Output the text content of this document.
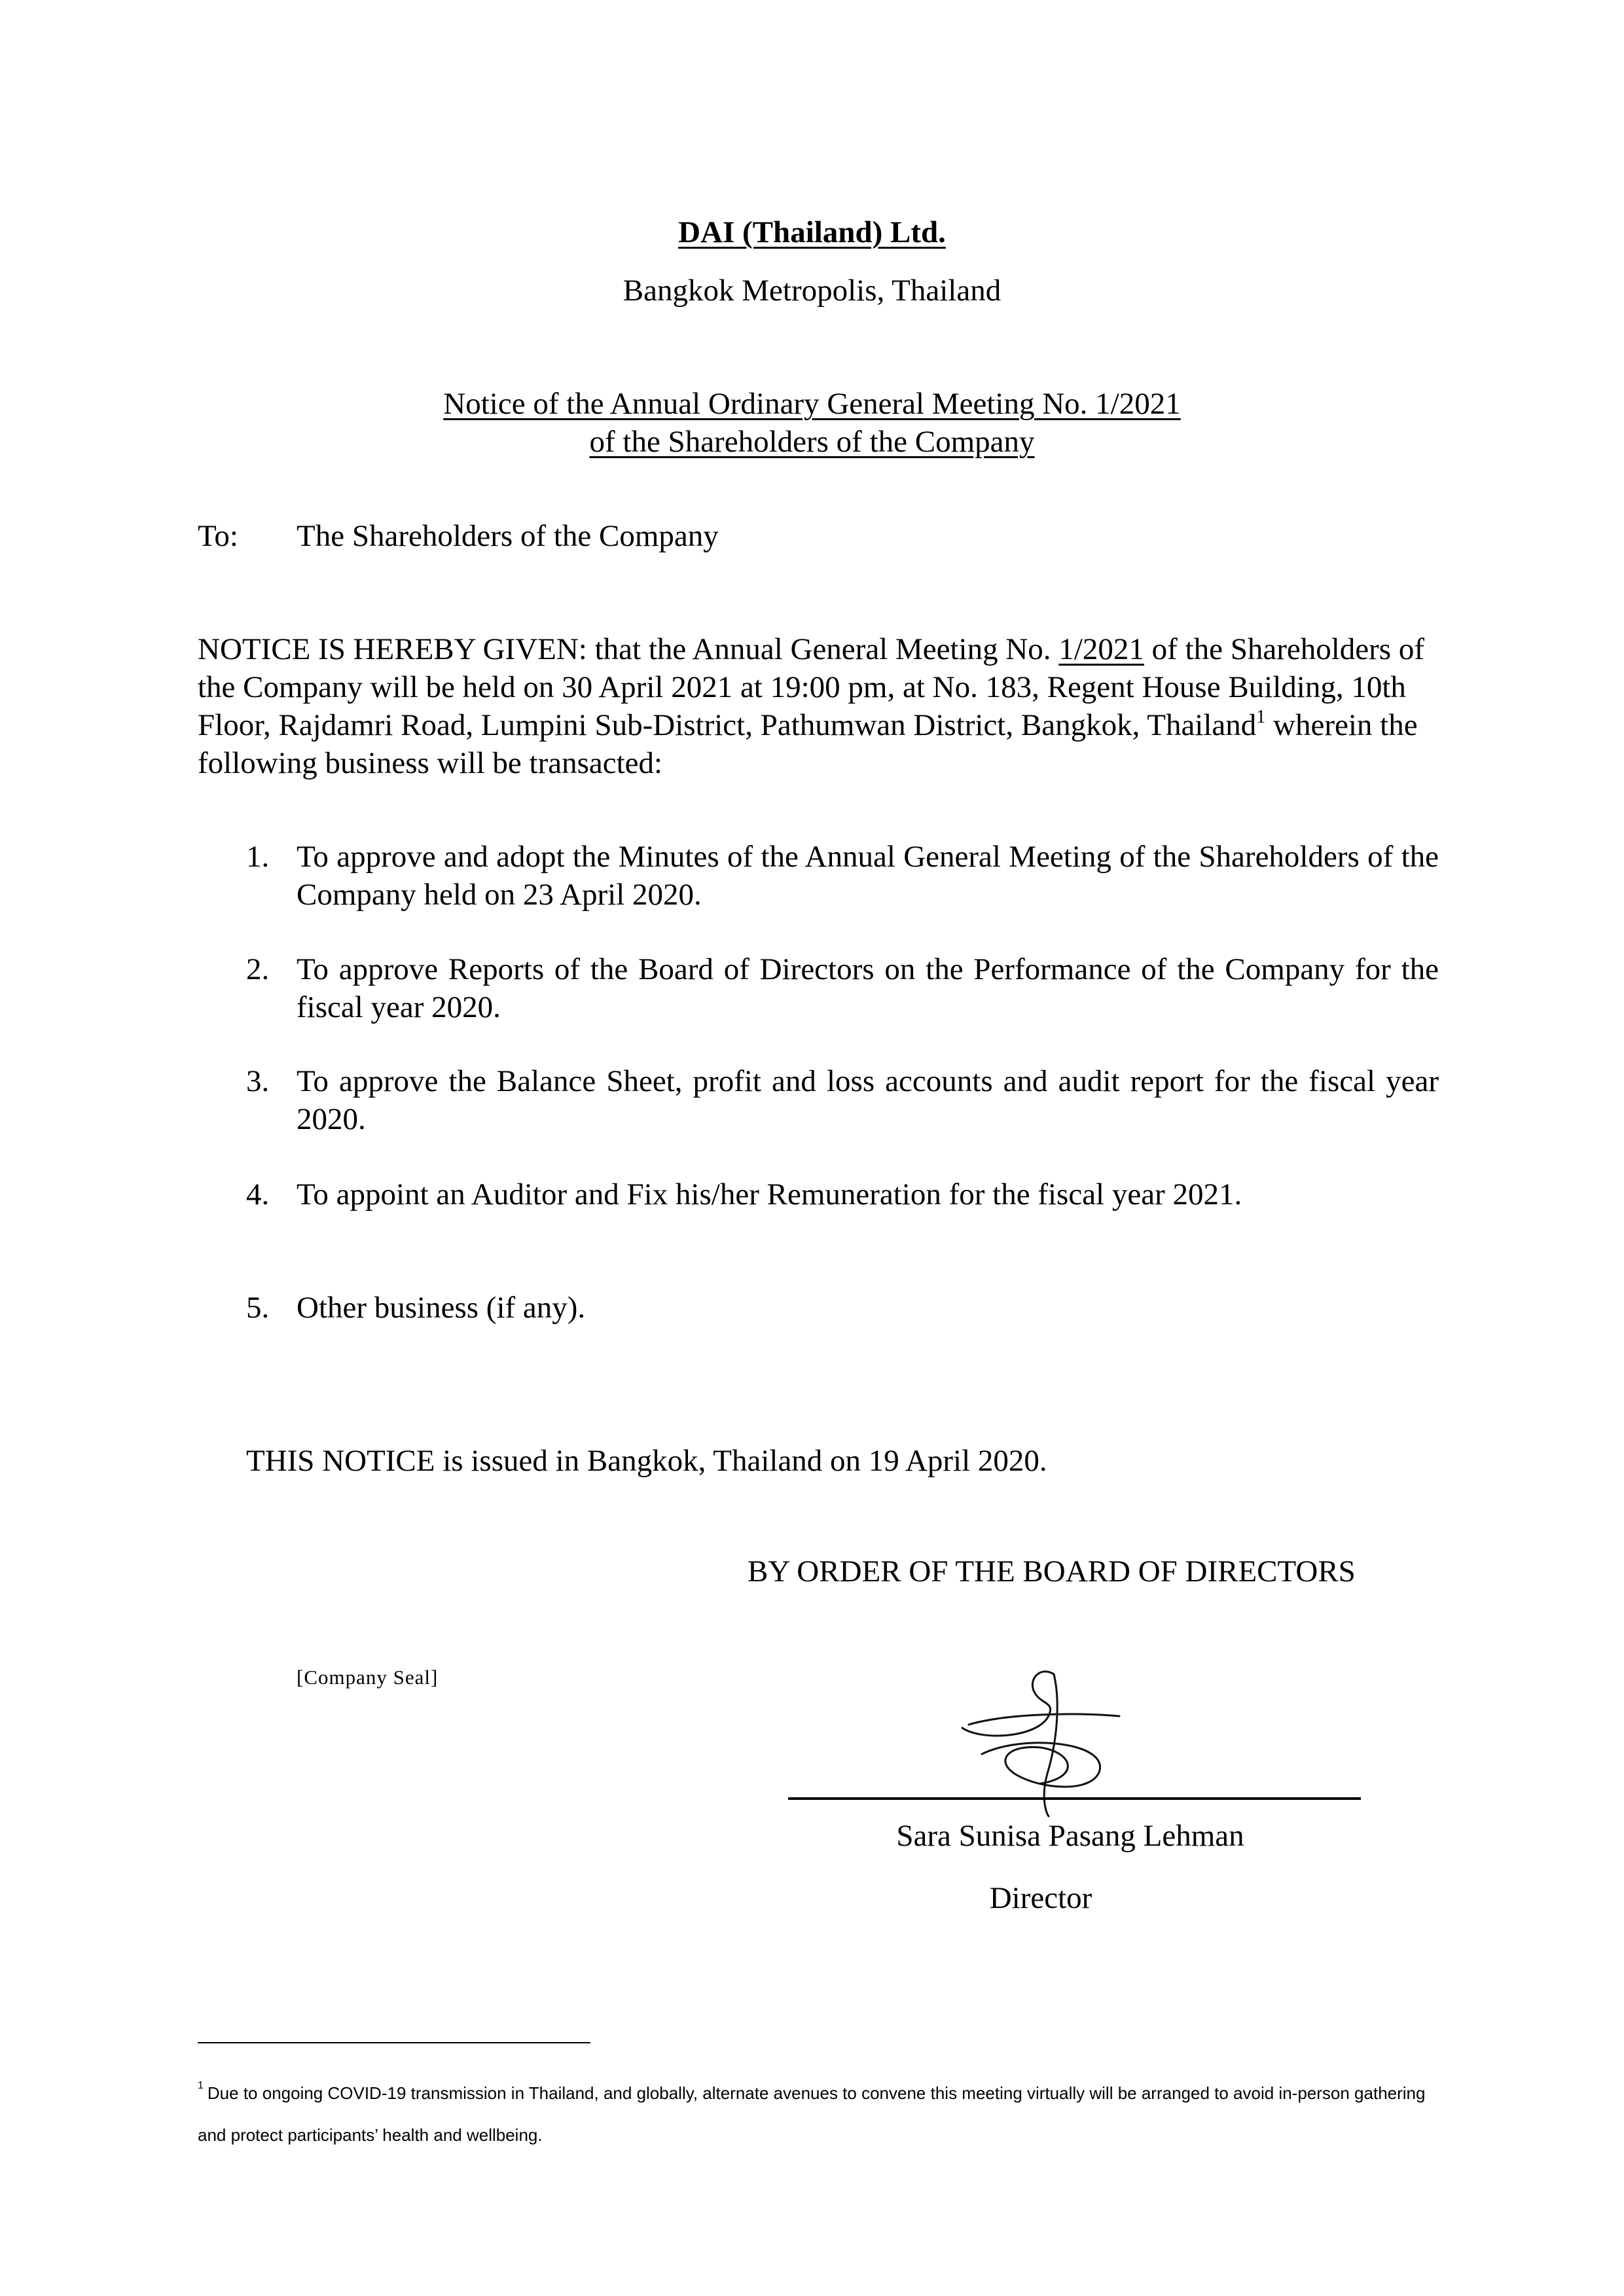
DAI (Thailand) Ltd.
Bangkok Metropolis, Thailand
Notice of the Annual Ordinary General Meeting No. 1/2021
of the Shareholders of the Company
To: The Shareholders of the Company
NOTICE IS HEREBY GIVEN: that the Annual General Meeting No. 1/2021 of the Shareholders of the Company will be held on 30 April 2021 at 19:00 pm, at No. 183, Regent House Building, 10th Floor, Rajdamri Road, Lumpini Sub-District, Pathumwan District, Bangkok, Thailand$^1$ wherein the following business will be transacted:
1. To approve and adopt the Minutes of the Annual General Meeting of the Shareholders of the Company held on 23 April 2020.
2. To approve Reports of the Board of Directors on the Performance of the Company for the fiscal year 2020.
3. To approve the Balance Sheet, profit and loss accounts and audit report for the fiscal year 2020.
4. To appoint an Auditor and Fix his/her Remuneration for the fiscal year 2021.
5. Other business (if any).
THIS NOTICE is issued in Bangkok, Thailand on 19 April 2020.
BY ORDER OF THE BOARD OF DIRECTORS
[Company Seal]
Sara Sunisa Pasang Lehman
Director
$^1$ Due to ongoing COVID-19 transmission in Thailand, and globally, alternate avenues to convene this meeting virtually will be arranged to avoid in-person gathering and protect participants’ health and wellbeing.
